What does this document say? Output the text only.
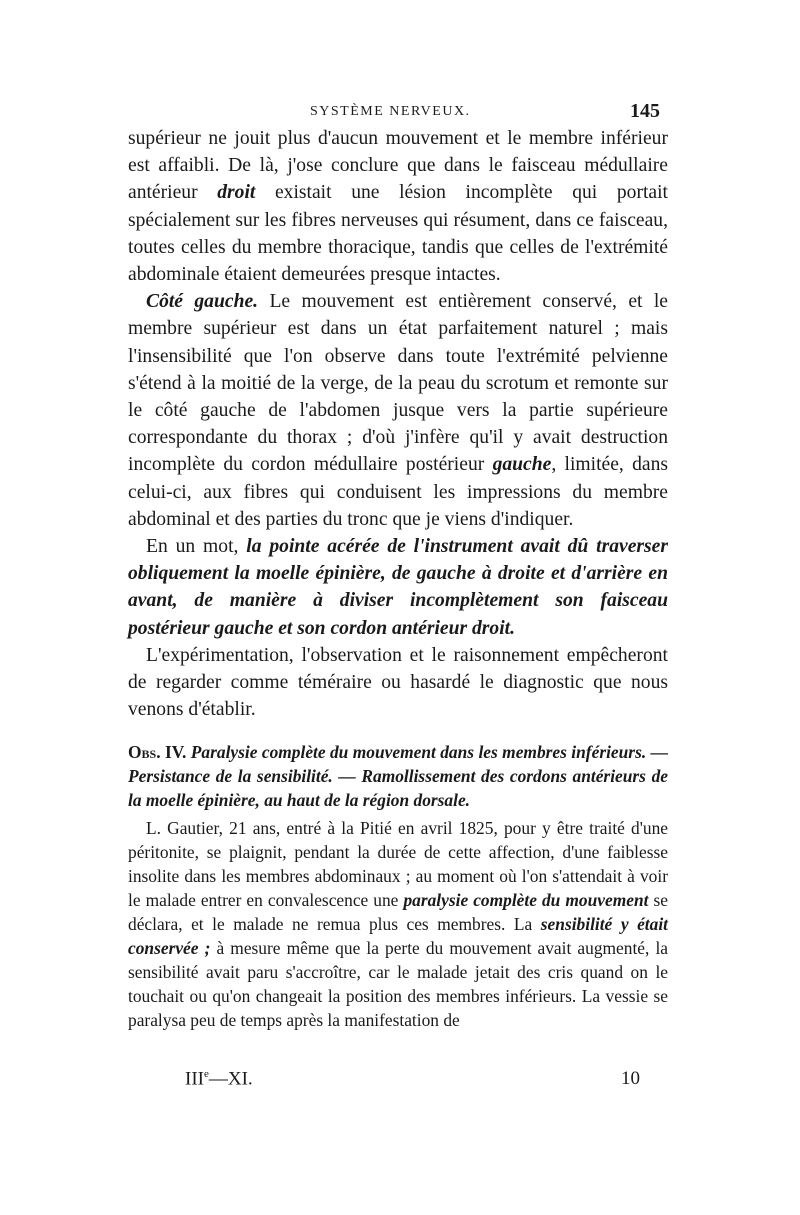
SYSTÈME NERVEUX.	145

supérieur ne jouit plus d'aucun mouvement et le membre inférieur est affaibli. De là, j'ose conclure que dans le faisceau médullaire antérieur droit existait une lésion incomplète qui portait spécialement sur les fibres nerveuses qui résument, dans ce faisceau, toutes celles du membre thoracique, tandis que celles de l'extrémité abdominale étaient demeurées presque intactes.

Côté gauche. Le mouvement est entièrement conservé, et le membre supérieur est dans un état parfaitement naturel ; mais l'insensibilité que l'on observe dans toute l'extrémité pelvienne s'étend à la moitié de la verge, de la peau du scrotum et remonte sur le côté gauche de l'abdomen jusque vers la partie supérieure correspondante du thorax ; d'où j'infère qu'il y avait destruction incomplète du cordon médullaire postérieur gauche, limitée, dans celui-ci, aux fibres qui conduisent les impressions du membre abdominal et des parties du tronc que je viens d'indiquer.

En un mot, la pointe acérée de l'instrument avait dû traverser obliquement la moelle épinière, de gauche à droite et d'arrière en avant, de manière à diviser incomplètement son faisceau postérieur gauche et son cordon antérieur droit.

L'expérimentation, l'observation et le raisonnement empêcheront de regarder comme téméraire ou hasardé le diagnostic que nous venons d'établir.

Obs. IV. Paralysie complète du mouvement dans les membres inférieurs. — Persistance de la sensibilité. — Ramollissement des cordons antérieurs de la moelle épinière, au haut de la région dorsale.

L. Gautier, 21 ans, entré à la Pitié en avril 1825, pour y être traité d'une péritonite, se plaignit, pendant la durée de cette affection, d'une faiblesse insolite dans les membres abdominaux ; au moment où l'on s'attendait à voir le malade entrer en convalescence une paralysie complète du mouvement se déclara, et le malade ne remua plus ces membres. La sensibilité y était conservée ; à mesure même que la perte du mouvement avait augmenté, la sensibilité avait paru s'accroître, car le malade jetait des cris quand on le touchait ou qu'on changeait la position des membres inférieurs. La vessie se paralysa peu de temps après la manifestation de

IIIe—XI.	10
